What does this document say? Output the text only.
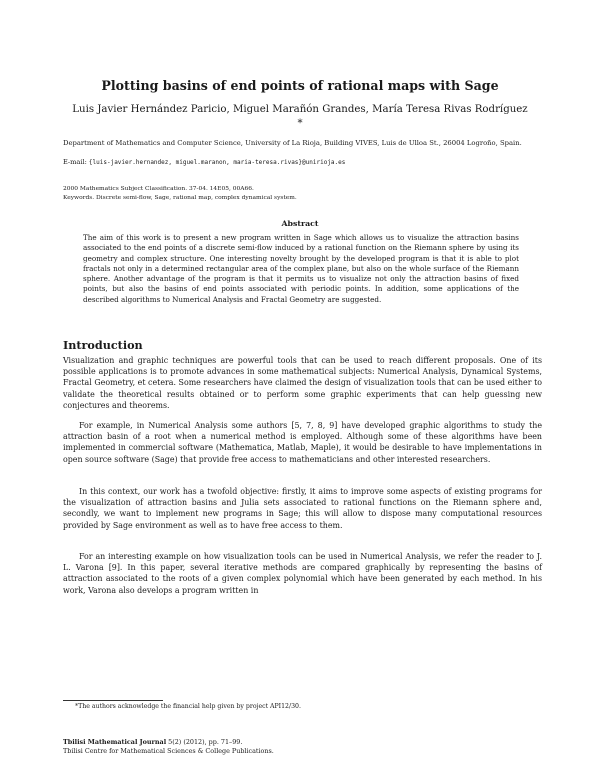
Plotting basins of end points of rational maps with Sage
Luis Javier Hernández Paricio, Miguel Marañón Grandes, María Teresa Rivas Rodríguez *
Department of Mathematics and Computer Science, University of La Rioja, Building VIVES, Luis de Ulloa St., 26004 Logroño, Spain.
E-mail: {luis-javier.hernandez, miguel.maranon, maria-teresa.rivas}@unirioja.es
2000 Mathematics Subject Classification. 37-04. 14E05, 00A66.
Keywords. Discrete semi-flow, Sage, rational map, complex dynamical system.
Abstract
The aim of this work is to present a new program written in Sage which allows us to visualize the attraction basins associated to the end points of a discrete semi-flow induced by a rational function on the Riemann sphere by using its geometry and complex structure. One interesting novelty brought by the developed program is that it is able to plot fractals not only in a determined rectangular area of the complex plane, but also on the whole surface of the Riemann sphere. Another advantage of the program is that it permits us to visualize not only the attraction basins of fixed points, but also the basins of end points associated with periodic points. In addition, some applications of the described algorithms to Numerical Analysis and Fractal Geometry are suggested.
Introduction
Visualization and graphic techniques are powerful tools that can be used to reach different proposals. One of its possible applications is to promote advances in some mathematical subjects: Numerical Analysis, Dynamical Systems, Fractal Geometry, et cetera. Some researchers have claimed the design of visualization tools that can be used either to validate the theoretical results obtained or to perform some graphic experiments that can help guessing new conjectures and theorems.
For example, in Numerical Analysis some authors [5, 7, 8, 9] have developed graphic algorithms to study the attraction basin of a root when a numerical method is employed. Although some of these algorithms have been implemented in commercial software (Mathematica, Matlab, Maple), it would be desirable to have implementations in open source software (Sage) that provide free access to mathematicians and other interested researchers.
In this context, our work has a twofold objective: firstly, it aims to improve some aspects of existing programs for the visualization of attraction basins and Julia sets associated to rational functions on the Riemann sphere and, secondly, we want to implement new programs in Sage; this will allow to dispose many computational resources provided by Sage environment as well as to have free access to them.
For an interesting example on how visualization tools can be used in Numerical Analysis, we refer the reader to J. L. Varona [9]. In this paper, several iterative methods are compared graphically by representing the basins of attraction associated to the roots of a given complex polynomial which have been generated by each method. In his work, Varona also develops a program written in
*The authors acknowledge the financial help given by project API12/30.
Tbilisi Mathematical Journal 5(2) (2012), pp. 71–99.
Tbilisi Centre for Mathematical Sciences & College Publications.
